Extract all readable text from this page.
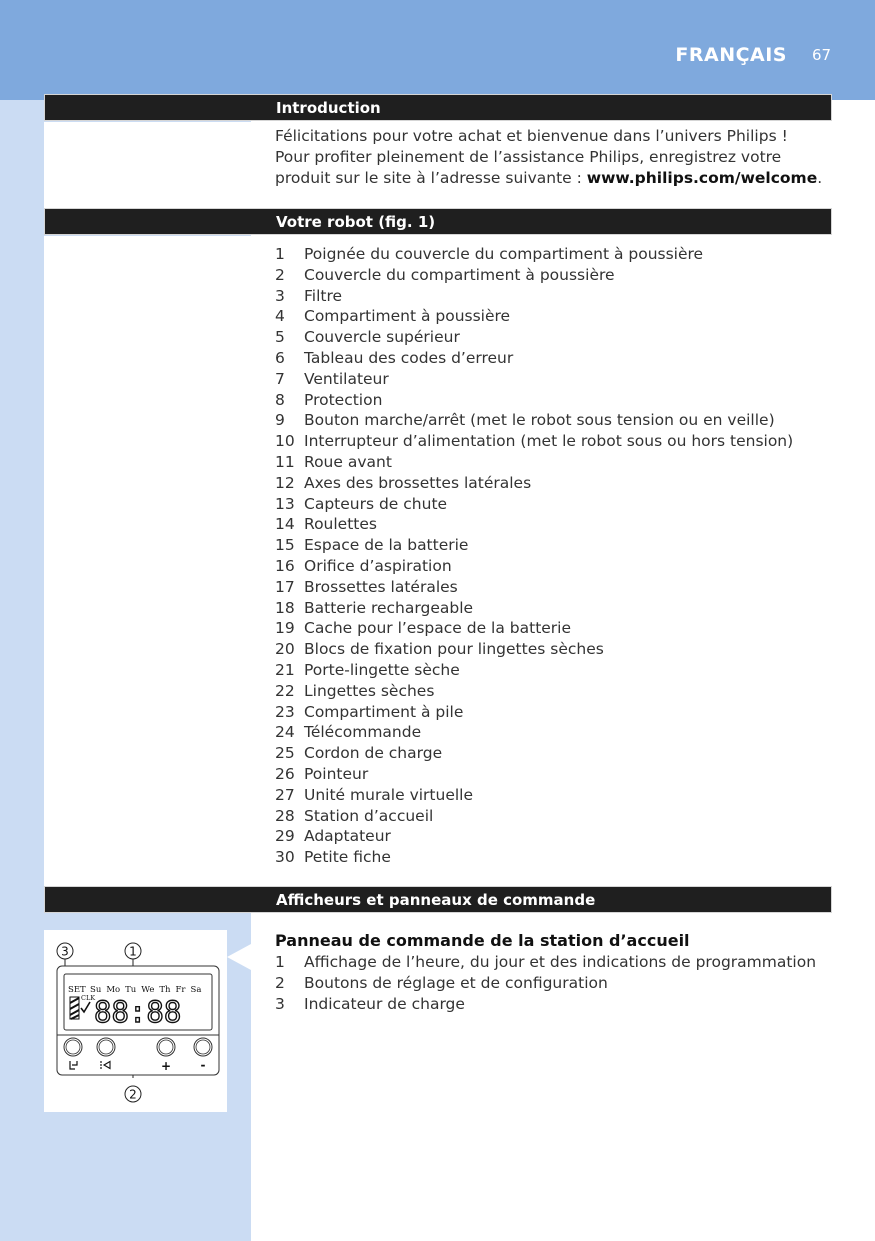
FRANÇAIS 67
Introduction
Félicitations pour votre achat et bienvenue dans l’univers Philips !
Pour profiter pleinement de l’assistance Philips, enregistrez votre produit sur le site à l’adresse suivante : www.philips.com/welcome.
Votre robot (fig. 1)
1 Poignée du couvercle du compartiment à poussière
2 Couvercle du compartiment à poussière
3 Filtre
4 Compartiment à poussière
5 Couvercle supérieur
6 Tableau des codes d’erreur
7 Ventilateur
8 Protection
9 Bouton marche/arrêt (met le robot sous tension ou en veille)
10 Interrupteur d’alimentation (met le robot sous ou hors tension)
11 Roue avant
12 Axes des brossettes latérales
13 Capteurs de chute
14 Roulettes
15 Espace de la batterie
16 Orifice d’aspiration
17 Brossettes latérales
18 Batterie rechargeable
19 Cache pour l’espace de la batterie
20 Blocs de fixation pour lingettes sèches
21 Porte-lingette sèche
22 Lingettes sèches
23 Compartiment à pile
24 Télécommande
25 Cordon de charge
26 Pointeur
27 Unité murale virtuelle
28 Station d’accueil
29 Adaptateur
30 Petite fiche
Afficheurs et panneaux de commande
Panneau de commande de la station d’accueil
1 Affichage de l’heure, du jour et des indications de programmation
2 Boutons de réglage et de configuration
3 Indicateur de charge
3	1
2
SET Su Mo Tu We Th Fr Sa
CLK
88:88
+ -
